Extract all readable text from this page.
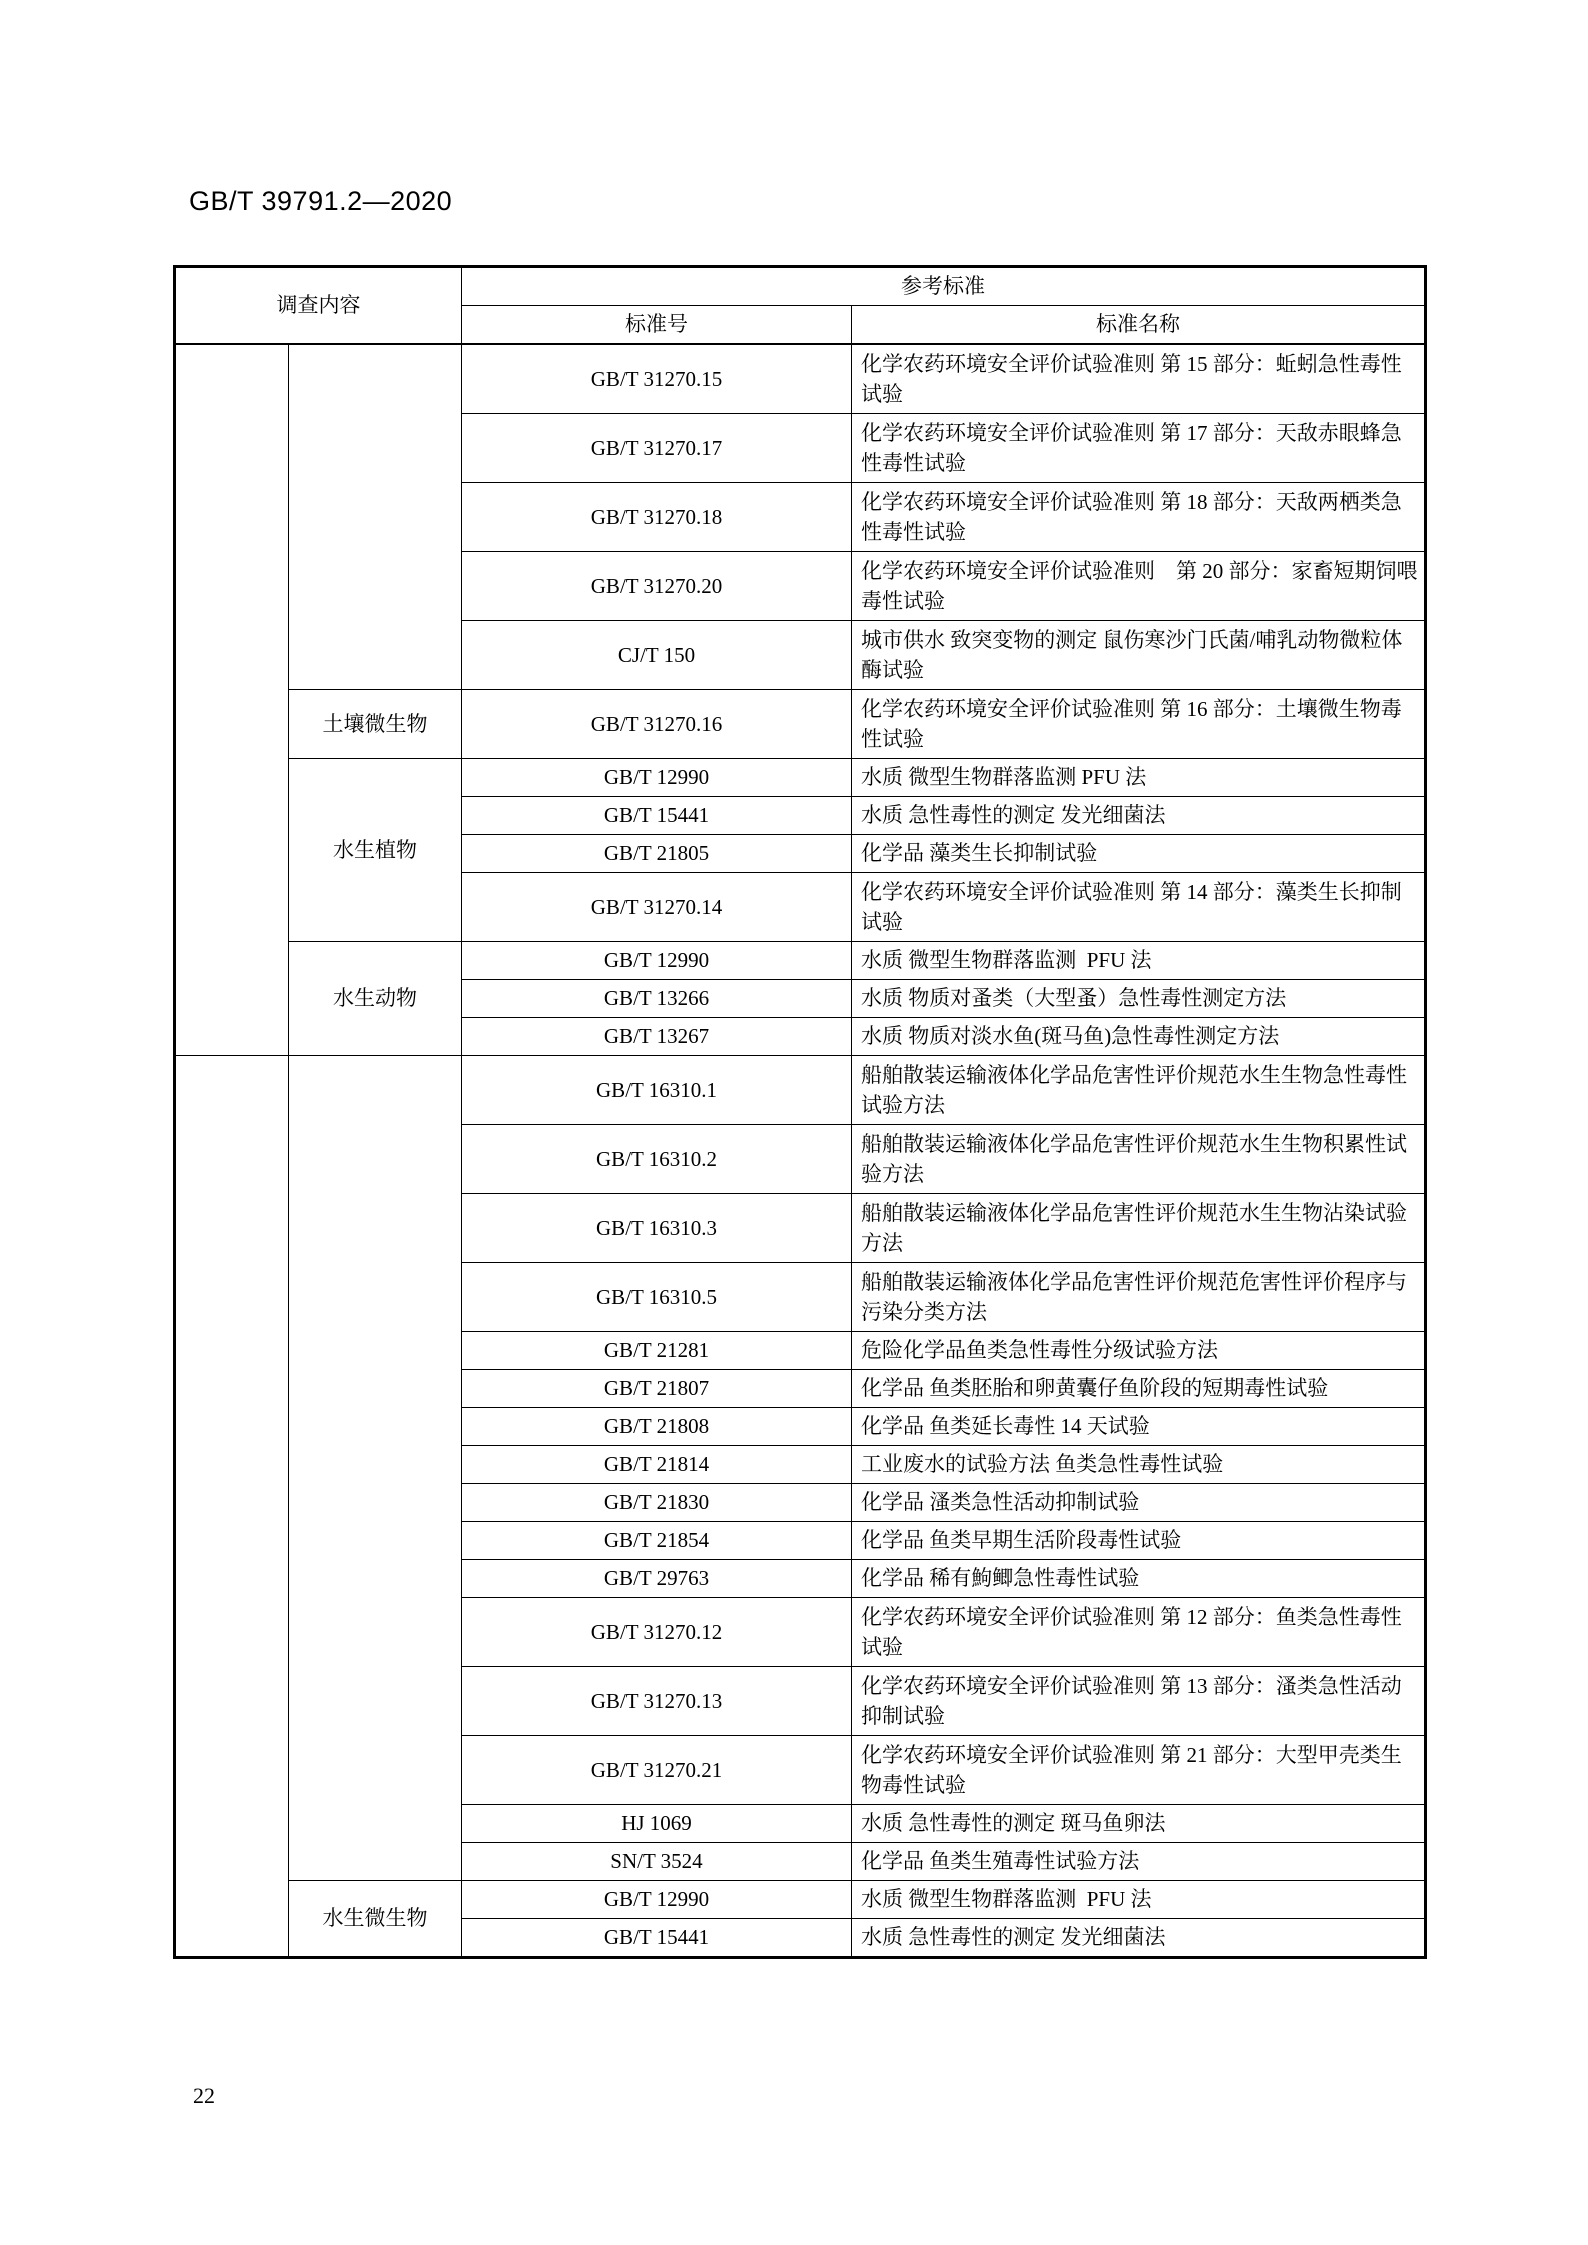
GB/T 39791.2—2020
调查内容		参考标准	
		标准号	标准名称
		GB/T 31270.15	化学农药环境安全评价试验准则 第 15 部分：蚯蚓急性毒性试验
		GB/T 31270.17	化学农药环境安全评价试验准则 第 17 部分：天敌赤眼蜂急性毒性试验
		GB/T 31270.18	化学农药环境安全评价试验准则 第 18 部分：天敌两栖类急性毒性试验
		GB/T 31270.20	化学农药环境安全评价试验准则　第 20 部分：家畜短期饲喂毒性试验
		CJ/T 150	城市供水 致突变物的测定 鼠伤寒沙门氏菌/哺乳动物微粒体酶试验
	土壤微生物	GB/T 31270.16	化学农药环境安全评价试验准则 第 16 部分：土壤微生物毒性试验
	水生植物	GB/T 12990	水质 微型生物群落监测 PFU 法
		GB/T 15441	水质 急性毒性的测定 发光细菌法
		GB/T 21805	化学品 藻类生长抑制试验
		GB/T 31270.14	化学农药环境安全评价试验准则 第 14 部分：藻类生长抑制试验
	水生动物	GB/T 12990	水质 微型生物群落监测  PFU 法
		GB/T 13266	水质 物质对蚤类（大型蚤）急性毒性测定方法
		GB/T 13267	水质 物质对淡水鱼(斑马鱼)急性毒性测定方法
		GB/T 16310.1	船舶散装运输液体化学品危害性评价规范水生生物急性毒性试验方法
		GB/T 16310.2	船舶散装运输液体化学品危害性评价规范水生生物积累性试验方法
		GB/T 16310.3	船舶散装运输液体化学品危害性评价规范水生生物沾染试验方法
		GB/T 16310.5	船舶散装运输液体化学品危害性评价规范危害性评价程序与污染分类方法
		GB/T 21281	危险化学品鱼类急性毒性分级试验方法
		GB/T 21807	化学品 鱼类胚胎和卵黄囊仔鱼阶段的短期毒性试验
		GB/T 21808	化学品 鱼类延长毒性 14 天试验
		GB/T 21814	工业废水的试验方法 鱼类急性毒性试验
		GB/T 21830	化学品 溞类急性活动抑制试验
		GB/T 21854	化学品 鱼类早期生活阶段毒性试验
		GB/T 29763	化学品 稀有鮈鲫急性毒性试验
		GB/T 31270.12	化学农药环境安全评价试验准则 第 12 部分：鱼类急性毒性试验
		GB/T 31270.13	化学农药环境安全评价试验准则 第 13 部分：溞类急性活动抑制试验
		GB/T 31270.21	化学农药环境安全评价试验准则 第 21 部分：大型甲壳类生物毒性试验
		HJ 1069	水质 急性毒性的测定 斑马鱼卵法
		SN/T 3524	化学品 鱼类生殖毒性试验方法
	水生微生物	GB/T 12990	水质 微型生物群落监测  PFU 法
		GB/T 15441	水质 急性毒性的测定 发光细菌法
22
